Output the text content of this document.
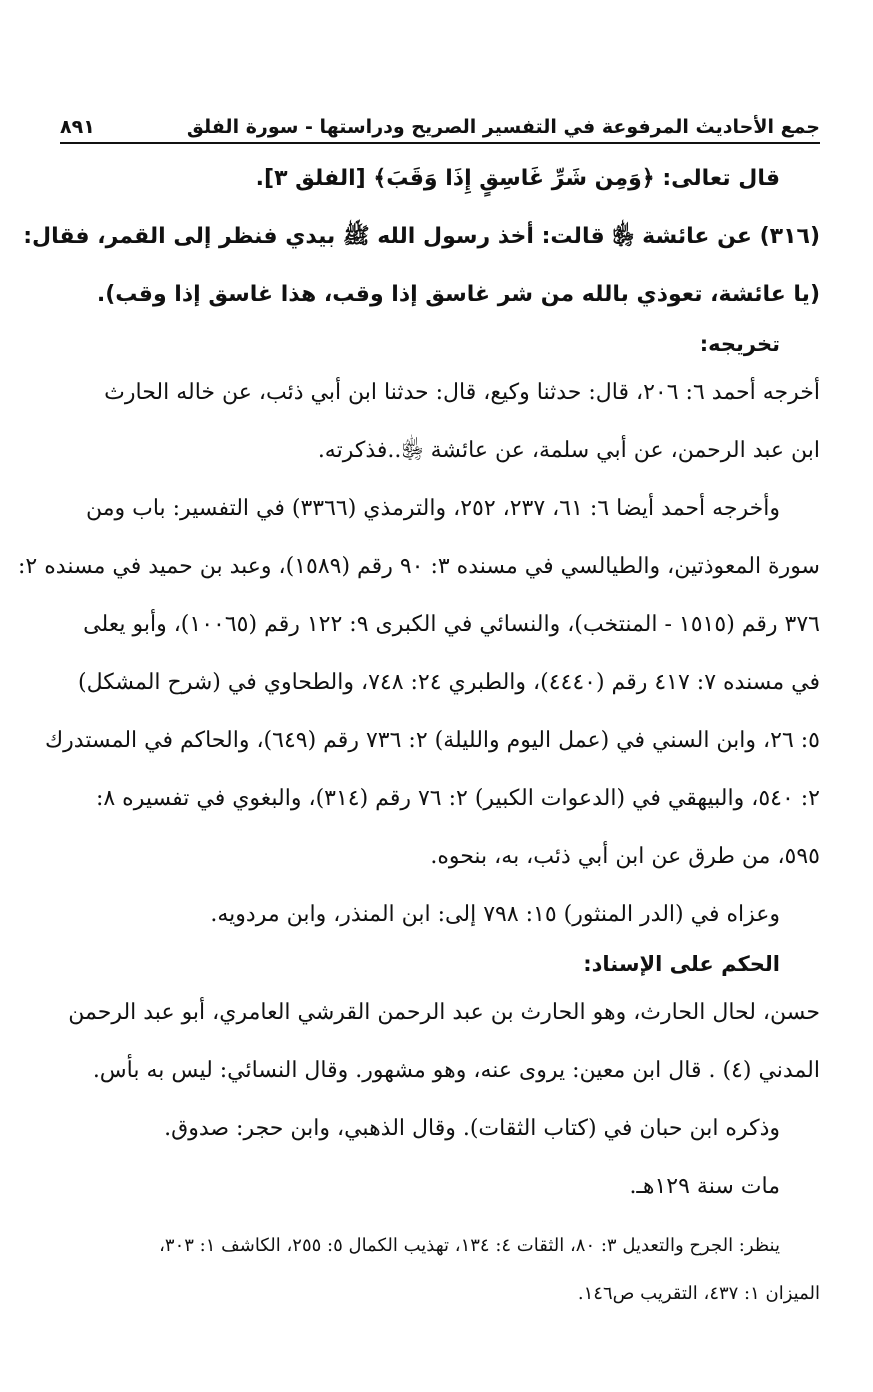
جمع الأحاديث المرفوعة في التفسير الصريح ودراستها - سورة الفلق
٨٩١
قال تعالى: ﴿وَمِن شَرِّ غَاسِقٍ إِذَا وَقَبَ﴾ [الفلق ٣].
(٣١٦) عن عائشة ﵂ قالت: أخذ رسول الله ﷺ بيدي فنظر إلى القمر، فقال:
(يا عائشة، تعوذي بالله من شر غاسق إذا وقب، هذا غاسق إذا وقب).
تخريجه:
أخرجه أحمد ٦: ٢٠٦، قال: حدثنا وكيع، قال: حدثنا ابن أبي ذئب، عن خاله الحارث
ابن عبد الرحمن، عن أبي سلمة، عن عائشة ﵂..فذكرته.
وأخرجه أحمد أيضا ٦: ٦١، ٢٣٧، ٢٥٢، والترمذي (٣٣٦٦) في التفسير: باب ومن
سورة المعوذتين، والطيالسي في مسنده ٣: ٩٠ رقم (١٥٨٩)، وعبد بن حميد في مسنده ٢:
٣٧٦ رقم (١٥١٥ - المنتخب)، والنسائي في الكبرى ٩: ١٢٢ رقم (١٠٠٦٥)، وأبو يعلى
في مسنده ٧: ٤١٧ رقم (٤٤٤٠)، والطبري ٢٤: ٧٤٨، والطحاوي في (شرح المشكل)
٥: ٢٦، وابن السني في (عمل اليوم والليلة) ٢: ٧٣٦ رقم (٦٤٩)، والحاكم في المستدرك
٢: ٥٤٠، والبيهقي في (الدعوات الكبير) ٢: ٧٦ رقم (٣١٤)، والبغوي في تفسيره ٨:
٥٩٥، من طرق عن ابن أبي ذئب، به، بنحوه.
وعزاه في (الدر المنثور) ١٥: ٧٩٨ إلى: ابن المنذر، وابن مردويه.
الحكم على الإسناد:
حسن، لحال الحارث، وهو الحارث بن عبد الرحمن القرشي العامري، أبو عبد الرحمن
المدني (٤) . قال ابن معين: يروى عنه، وهو مشهور. وقال النسائي: ليس به بأس.
وذكره ابن حبان في (كتاب الثقات). وقال الذهبي، وابن حجر: صدوق.
مات سنة ١٢٩هـ.
ينظر: الجرح والتعديل ٣: ٨٠، الثقات ٤: ١٣٤، تهذيب الكمال ٥: ٢٥٥، الكاشف ١: ٣٠٣،
الميزان ١: ٤٣٧، التقريب ص١٤٦.
